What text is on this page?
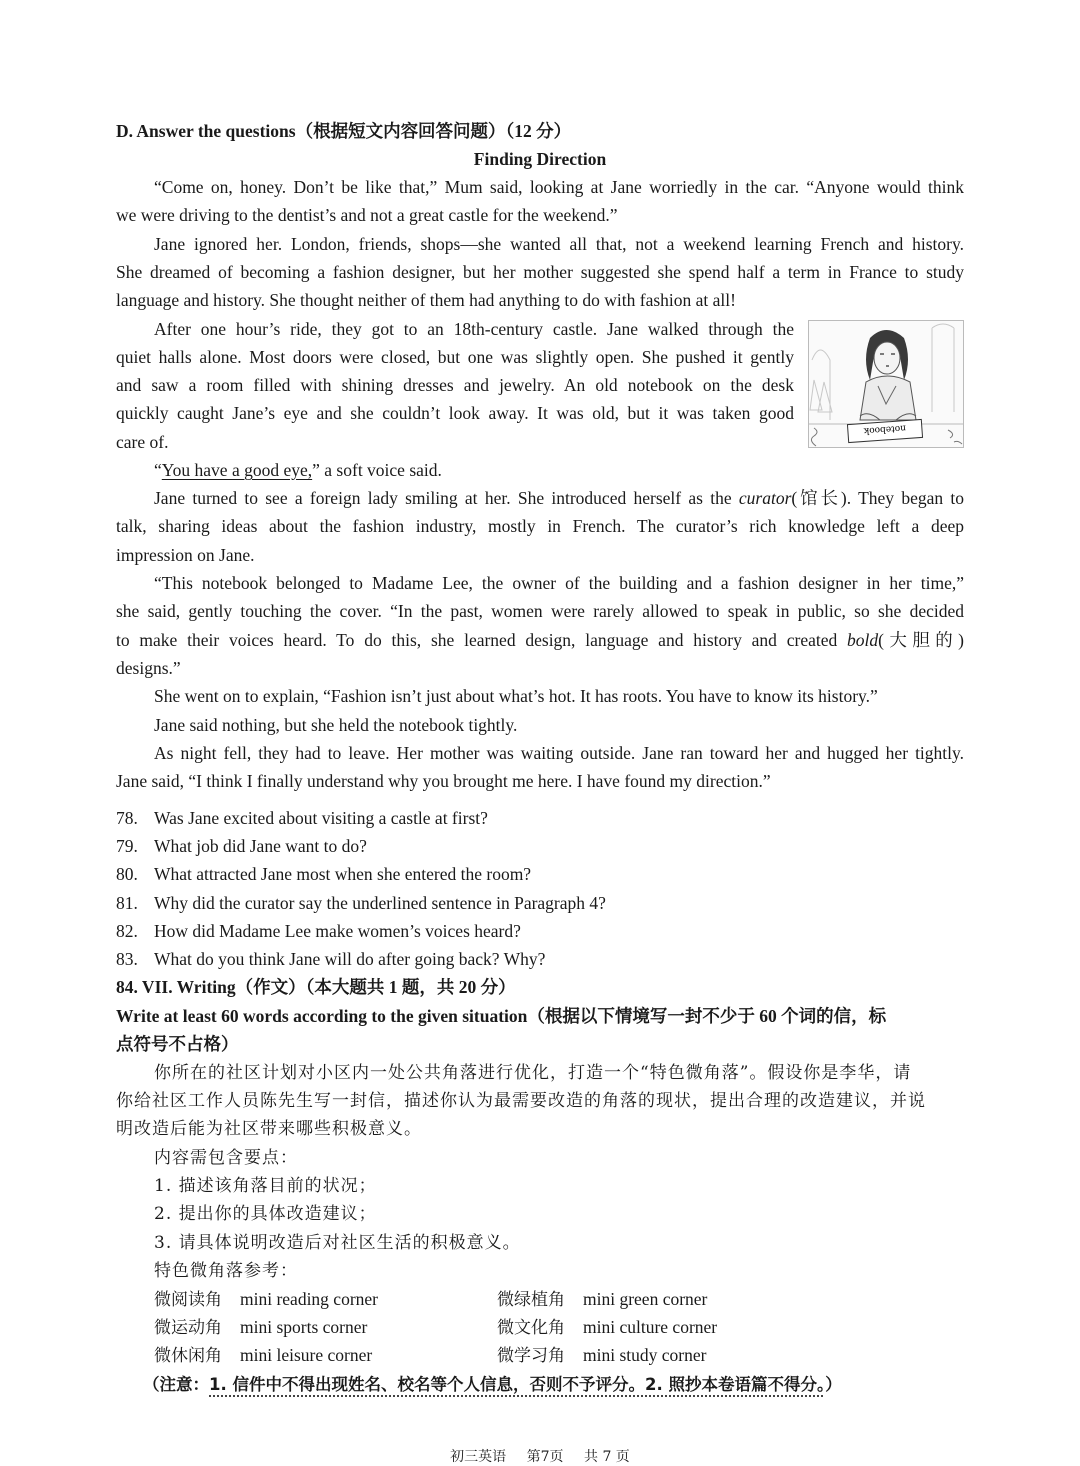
D. Answer the questions（根据短文内容回答问题）（12 分）
Finding Direction
“Come on, honey. Don’t be like that,” Mum said, looking at Jane worriedly in the car. “Anyone would think
we were driving to the dentist’s and not a great castle for the weekend.”
Jane ignored her. London, friends, shops—she wanted all that, not a weekend learning French and history.
She dreamed of becoming a fashion designer, but her mother suggested she spend half a term in France to study
language and history. She thought neither of them had anything to do with fashion at all!
After one hour’s ride, they got to an 18th-century castle. Jane walked through the
quiet halls alone. Most doors were closed, but one was slightly open. She pushed it gently
and saw a room filled with shining dresses and jewelry. An old notebook on the desk
quickly caught Jane’s eye and she couldn’t look away. It was old, but it was taken good
care of.
notebook
“You have a good eye,” a soft voice said.
Jane turned to see a foreign lady smiling at her. She introduced herself as the curator(馆长). They began to
talk, sharing ideas about the fashion industry, mostly in French. The curator’s rich knowledge left a deep
impression on Jane.
“This notebook belonged to Madame Lee, the owner of the building and a fashion designer in her time,”
she said, gently touching the cover. “In the past, women were rarely allowed to speak in public, so she decided
to make their voices heard. To do this, she learned design, language and history and created bold(大胆的)
designs.”
She went on to explain, “Fashion isn’t just about what’s hot. It has roots. You have to know its history.”
Jane said nothing, but she held the notebook tightly.
As night fell, they had to leave. Her mother was waiting outside. Jane ran toward her and hugged her tightly.
Jane said, “I think I finally understand why you brought me here. I have found my direction.”
78. Was Jane excited about visiting a castle at first?
79. What job did Jane want to do?
80. What attracted Jane most when she entered the room?
81. Why did the curator say the underlined sentence in Paragraph 4?
82. How did Madame Lee make women’s voices heard?
83. What do you think Jane will do after going back? Why?
84. VII. Writing（作文）（本大题共 1 题，共 20 分）
Write at least 60 words according to the given situation（根据以下情境写一封不少于 60 个词的信，标
点符号不占格）
你所在的社区计划对小区内一处公共角落进行优化，打造一个“特色微角落”。假设你是李华，请
你给社区工作人员陈先生写一封信，描述你认为最需要改造的角落的现状，提出合理的改造建议，并说
明改造后能为社区带来哪些积极意义。
内容需包含要点：
1. 描述该角落目前的状况；
2. 提出你的具体改造建议；
3. 请具体说明改造后对社区生活的积极意义。
特色微角落参考：
微阅读角 mini reading corner	微绿植角 mini green corner
微运动角 mini sports corner	微文化角 mini culture corner
微休闲角 mini leisure corner	微学习角 mini study corner
（注意：1. 信件中不得出现姓名、校名等个人信息，否则不予评分。2. 照抄本卷语篇不得分。）
初三英语 第7页 共 7 页
